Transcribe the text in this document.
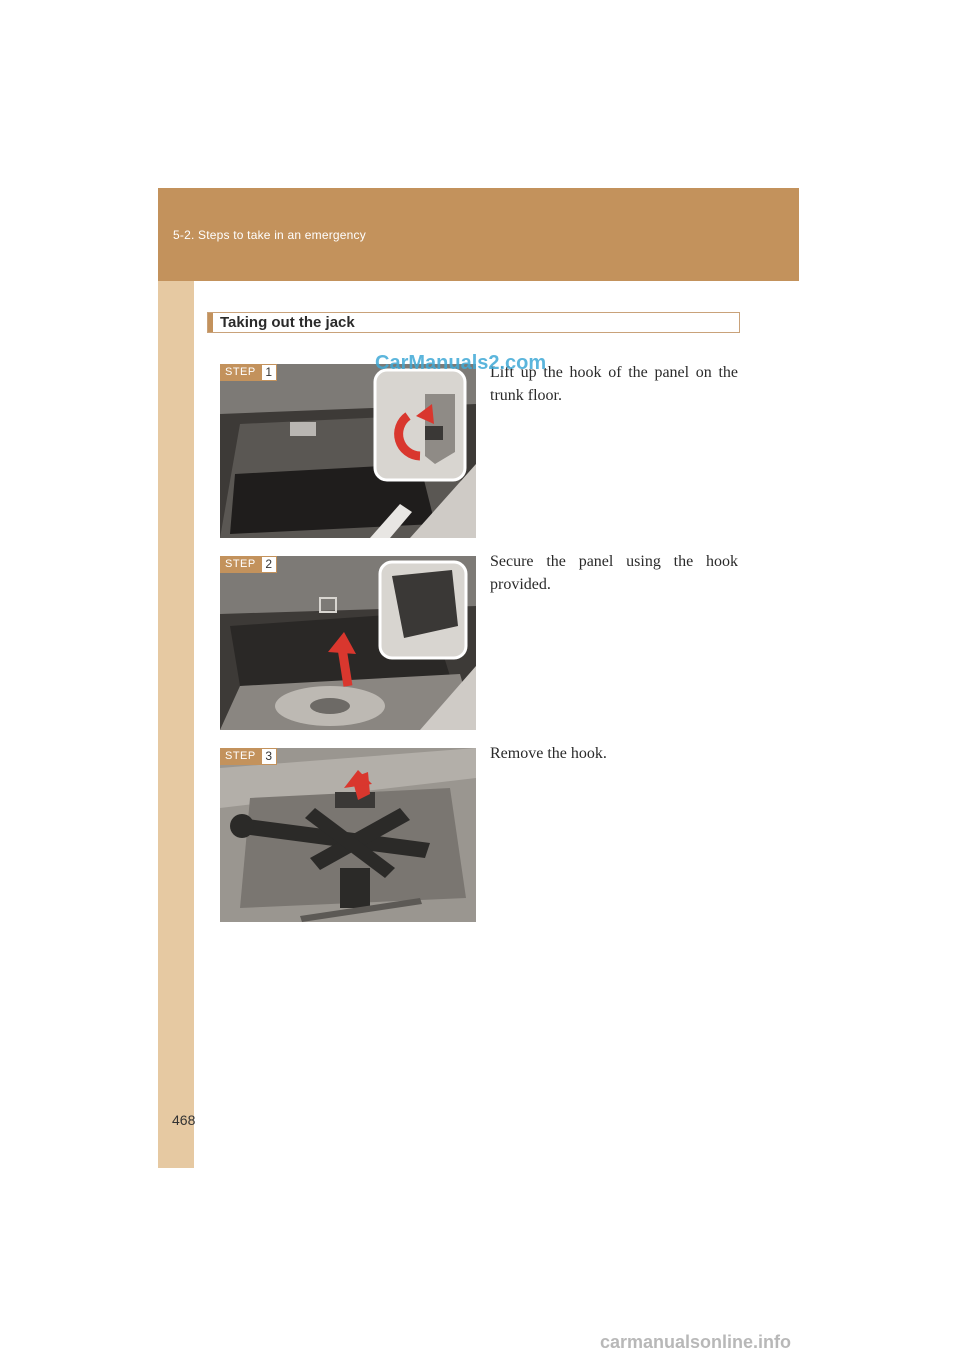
5-2. Steps to take in an emergency
Taking out the jack
STEP 1	Lift up the hook of the panel on the trunk floor.
STEP 2	Secure the panel using the hook provided.
STEP 3	Remove the hook.
CarManuals2.com
468
carmanualsonline.info
